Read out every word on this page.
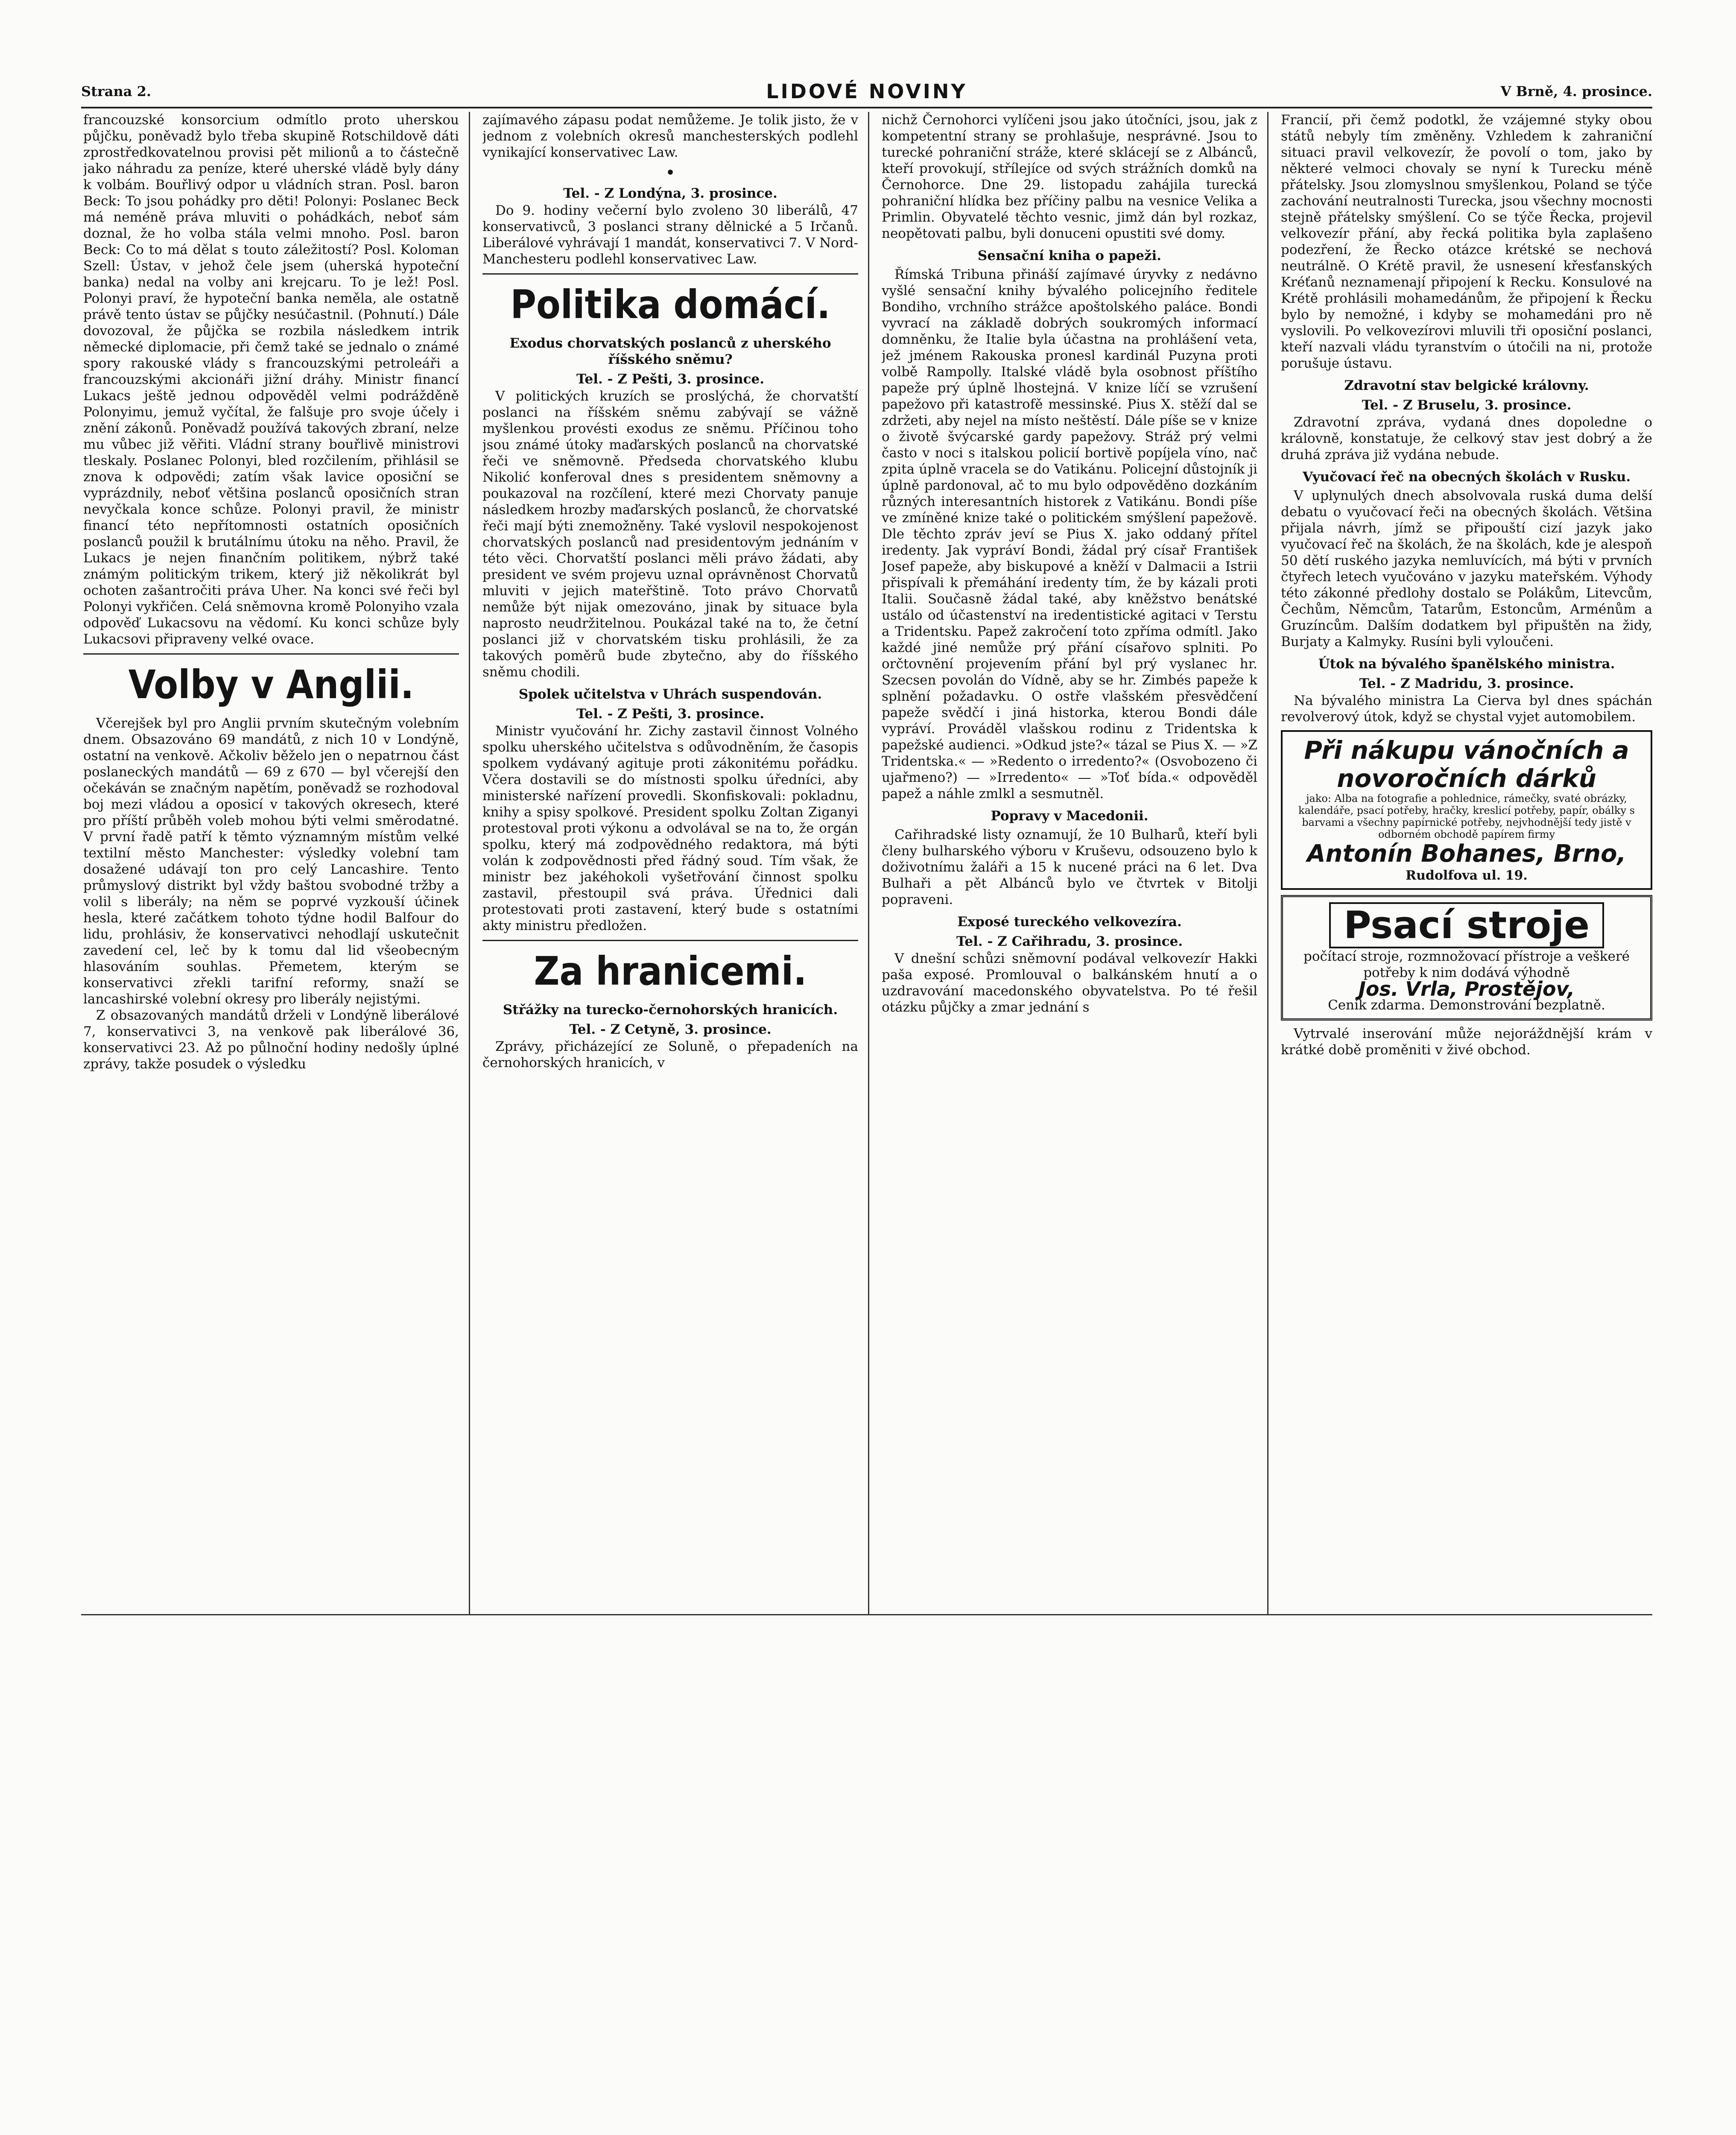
Strana 2.	LIDOVÉ NOVINY	V Brně, 4. prosince.

francouzské konsorcium odmítlo proto uherskou půjčku, poněvadž bylo třeba skupině Rotschildově dáti zprostředkovatelnou provisi pět milionů a to částečně jako náhradu za peníze, které uherské vládě byly dány k volbám. Bouřlivý odpor u vládních stran. Posl. baron Beck: To jsou pohádky pro děti! Polonyi: Poslanec Beck má neméně práva mluviti o pohádkách, neboť sám doznal, že ho volba stála velmi mnoho. Posl. baron Beck: Co to má dělat s touto záležitostí? Posl. Koloman Szell: Ústav, v jehož čele jsem (uherská hypoteční banka) nedal na volby ani krejcaru. To je lež! Posl. Polonyi praví, že hypoteční banka neměla, ale ostatně právě tento ústav se půjčky nesúčastnil. (Pohnutí.) Dále dovozoval, že půjčka se rozbila následkem intrik německé diplomacie, při čemž také se jednalo o známé spory rakouské vlády s francouzskými petroleáři a francouzskými akcionáři jižní dráhy. Ministr financí Lukacs ještě jednou odpověděl velmi podrážděně Polonyimu, jemuž vyčítal, že falšuje pro svoje účely i znění zákonů. Poněvadž používá takových zbraní, nelze mu vůbec již věřiti. Vládní strany bouřlivě ministrovi tleskaly. Poslanec Polonyi, bled rozčilením, přihlásil se znova k odpovědi; zatím však lavice oposiční se vyprázdnily, neboť většina poslanců oposičních stran nevyčkala konce schůze. Polonyi pravil, že ministr financí této nepřítomnosti ostatních oposičních poslanců použil k brutálnímu útoku na něho. Pravil, že Lukacs je nejen finančním politikem, nýbrž také známým politickým trikem, který již několikrát byl ochoten zašantročiti práva Uher. Na konci své řeči byl Polonyi vykřičen. Celá sněmovna kromě Polonyiho vzala odpověď Lukacsovu na vědomí. Ku konci schůze byly Lukacsovi připraveny velké ovace.

Volby v Anglii.

Včerejšek byl pro Anglii prvním skutečným volebním dnem. Obsazováno 69 mandátů, z nich 10 v Londýně, ostatní na venkově. Ačkoliv běželo jen o nepatrnou část poslaneckých mandátů — 69 z 670 — byl včerejší den očekáván se značným napětím, poněvadž se rozhodoval boj mezi vládou a oposicí v takových okresech, které pro příští průběh voleb mohou býti velmi směrodatné. V první řadě patří k těmto významným místům velké textilní město Manchester: výsledky volební tam dosažené udávají ton pro celý Lancashire. Tento průmyslový distrikt byl vždy baštou svobodné tržby a volil s liberály; na něm se poprvé vyzkouší účinek hesla, které začátkem tohoto týdne hodil Balfour do lidu, prohlásiv, že konservativci nehodlají uskutečnit zavedení cel, leč by k tomu dal lid všeobecným hlasováním souhlas. Přemetem, kterým se konservativci zřekli tarifní reformy, snaží se lancashirské volební okresy pro liberály nejistými.

Z obsazovaných mandátů drželi v Londýně liberálové 7, konservativci 3, na venkově pak liberálové 36, konservativci 23. Až po půlnoční hodiny nedošly úplné zprávy, takže posudek o výsledku

zajímavého zápasu podat nemůžeme. Je tolik jisto, že v jednom z volebních okresů manchesterských podlehl vynikající konservativec Law.

•
Tel. - Z Londýna, 3. prosince.

Do 9. hodiny večerní bylo zvoleno 30 liberálů, 47 konservativců, 3 poslanci strany dělnické a 5 Irčanů. Liberálové vyhrávají 1 mandát, konservativci 7. V Nord-Manchesteru podlehl konservativec Law.

Politika domácí.
Exodus chorvatských poslanců z uherského říšského sněmu?
Tel. - Z Pešti, 3. prosince.

V politických kruzích se proslýchá, že chorvatští poslanci na říšském sněmu zabývají se vážně myšlenkou provésti exodus ze sněmu. Příčinou toho jsou známé útoky maďarských poslanců na chorvatské řeči ve sněmovně. Předseda chorvatského klubu Nikolić konferoval dnes s presidentem sněmovny a poukazoval na rozčílení, které mezi Chorvaty panuje následkem hrozby maďarských poslanců, že chorvatské řeči mají býti znemožněny. Také vyslovil nespokojenost chorvatských poslanců nad presidentovým jednáním v této věci. Chorvatští poslanci měli právo žádati, aby president ve svém projevu uznal oprávněnost Chorvatů mluviti v jejich mateřštině. Toto právo Chorvatů nemůže být nijak omezováno, jinak by situace byla naprosto neudržitelnou. Poukázal také na to, že četní poslanci již v chorvatském tisku prohlásili, že za takových poměrů bude zbytečno, aby do říšského sněmu chodili.

Spolek učitelstva v Uhrách suspendován.
Tel. - Z Pešti, 3. prosince.

Ministr vyučování hr. Zichy zastavil činnost Volného spolku uherského učitelstva s odůvodněním, že časopis spolkem vydávaný agituje proti zákonitému pořádku. Včera dostavili se do místnosti spolku úředníci, aby ministerské nařízení provedli. Skonfiskovali: pokladnu, knihy a spisy spolkové. President spolku Zoltan Ziganyi protestoval proti výkonu a odvolával se na to, že orgán spolku, který má zodpovědného redaktora, má býti volán k zodpovědnosti před řádný soud. Tím však, že ministr bez jakéhokoli vyšetřování činnost spolku zastavil, přestoupil svá práva. Úřednici dali protestovati proti zastavení, který bude s ostatními akty ministru předložen.

Za hranicemi.
Střážky na turecko-černohorských hranicích.
Tel. - Z Cetyně, 3. prosince.

Zprávy, přicházející ze Soluně, o přepadeních na černohorských hranicích, v

nichž Černohorci vylíčeni jsou jako útočníci, jsou, jak z kompetentní strany se prohlašuje, nesprávné. Jsou to turecké pohraniční stráže, které sklácejí se z Albánců, kteří provokují, střílejíce od svých strážních domků na Černohorce. Dne 29. listopadu zahájila turecká pohraniční hlídka bez příčiny palbu na vesnice Velika a Primlin. Obyvatelé těchto vesnic, jimž dán byl rozkaz, neopětovati palbu, byli donuceni opustiti své domy.

Sensační kniha o papeži.

Římská Tribuna přináší zajímavé úryvky z nedávno vyšlé sensační knihy bývalého policejního ředitele Bondiho, vrchního strážce apoštolského paláce. Bondi vyvrací na základě dobrých soukromých informací domněnku, že Italie byla účastna na prohlášení veta, jež jménem Rakouska pronesl kardinál Puzyna proti volbě Rampolly. Italské vládě byla osobnost příštího papeže prý úplně lhostejná. V knize líčí se vzrušení papežovo při katastrofě messinské. Pius X. stěží dal se zdržeti, aby nejel na místo neštěstí. Dále píše se v knize o životě švýcarské gardy papežovy. Stráž prý velmi často v noci s italskou policií bortivě popíjela víno, nač zpita úplně vracela se do Vatikánu. Policejní důstojník ji úplně pardonoval, ač to mu bylo odpověděno dozkáním různých interesantních historek z Vatikánu. Bondi píše ve zmíněné knize také o politickém smýšlení papežově. Dle těchto zpráv jeví se Pius X. jako oddaný přítel iredenty. Jak vypráví Bondi, žádal prý císař František Josef papeže, aby biskupové a kněží v Dalmacii a Istrii přispívali k přemáhání iredenty tím, že by kázali proti Italii. Současně žádal také, aby kněžstvo benátské ustálo od účastenství na iredentistické agitaci v Terstu a Tridentsku. Papež zakročení toto zpříma odmítl. Jako každé jiné nemůže prý přání císařovo splniti. Po orčtovnění projevením přání byl prý vyslanec hr. Szecsen povolán do Vídně, aby se hr. Zimbés papeže k splnění požadavku. O ostře vlašském přesvědčení papeže svědčí i jiná historka, kterou Bondi dále vypráví. Prováděl vlašskou rodinu z Tridentska k papežské audienci. »Odkud jste?« tázal se Pius X. — »Z Tridentska.« — »Redento o irredento?« (Osvobozeno či ujařmeno?) — »Irredento« — »Toť bída.« odpověděl papež a náhle zmlkl a sesmutněl.

Popravy v Macedonii.

Cařihradské listy oznamují, že 10 Bulharů, kteří byli členy bulharského výboru v Kruševu, odsouzeno bylo k doživotnímu žaláři a 15 k nucené práci na 6 let. Dva Bulhaři a pět Albánců bylo ve čtvrtek v Bitolji popraveni.

Exposé tureckého velkovezíra.
Tel. - Z Cařihradu, 3. prosince.

V dnešní schůzi sněmovní podával velkovezír Hakki paša exposé. Promlouval o balkánském hnutí a o uzdravování macedonského obyvatelstva. Po té řešil otázku půjčky a zmar jednání s

Francií, při čemž podotkl, že vzájemné styky obou států nebyly tím změněny. Vzhledem k zahraniční situaci pravil velkovezír, že povolí o tom, jako by některé velmoci chovaly se nyní k Turecku méně přátelsky. Jsou zlomyslnou smyšlenkou, Poland se týče zachování neutralnosti Turecka, jsou všechny mocnosti stejně přátelsky smýšlení. Co se týče Řecka, projevil velkovezír přání, aby řecká politika byla zaplašeno podezření, že Řecko otázce krétské se nechová neutrálně. O Krétě pravil, že usnesení křesťanských Kréťanů neznamenají připojení k Recku. Konsulové na Krétě prohlásili mohamedánům, že připojení k Řecku bylo by nemožné, i kdyby se mohamedáni pro ně vyslovili. Po velkovezírovi mluvili tři oposiční poslanci, kteří nazvali vládu tyranstvím o útočili na ni, protože porušuje ústavu.

Zdravotní stav belgické královny.
Tel. - Z Bruselu, 3. prosince.

Zdravotní zpráva, vydaná dnes dopoledne o královně, konstatuje, že celkový stav jest dobrý a že druhá zpráva již vydána nebude.

Vyučovací řeč na obecných školách v Rusku.

V uplynulých dnech absolvovala ruská duma delší debatu o vyučovací řeči na obecných školách. Většina přijala návrh, jímž se připouští cizí jazyk jako vyučovací řeč na školách, že na školách, kde je alespoň 50 dětí ruského jazyka nemluvících, má býti v prvních čtyřech letech vyučováno v jazyku mateřském. Výhody této zákonné předlohy dostalo se Polákům, Litevcům, Čechům, Němcům, Tatarům, Estoncům, Arménům a Gruzíncům. Dalším dodatkem byl připuštěn na židy, Burjaty a Kalmyky. Rusíni byli vyloučeni.

Útok na bývalého španělského ministra.
Tel. - Z Madridu, 3. prosince.

Na bývalého ministra La Cierva byl dnes spáchán revolverový útok, když se chystal vyjet automobilem.

Při nákupu vánočních a novoročních dárků
jako: Alba na fotografie a pohlednice, rámečky, svaté obrázky, kalendáře, psací potřeby, hračky, kreslicí potřeby, papír, obálky s barvami a všechny papírnické potřeby, nejvhodnější tedy jistě v odborném obchodě papírem firmy
Antonín Bohanes, Brno,
Rudolfova ul. 19.
Psací stroje
počítací stroje, rozmnožovací přístroje a veškeré potřeby k nim dodává výhodně
Jos. Vrla, Prostějov,
Ceník zdarma. Demonstrování bezplatně.

Vytrvalé inserování může nejoráždnější krám v krátké době proměniti v živé obchod.
